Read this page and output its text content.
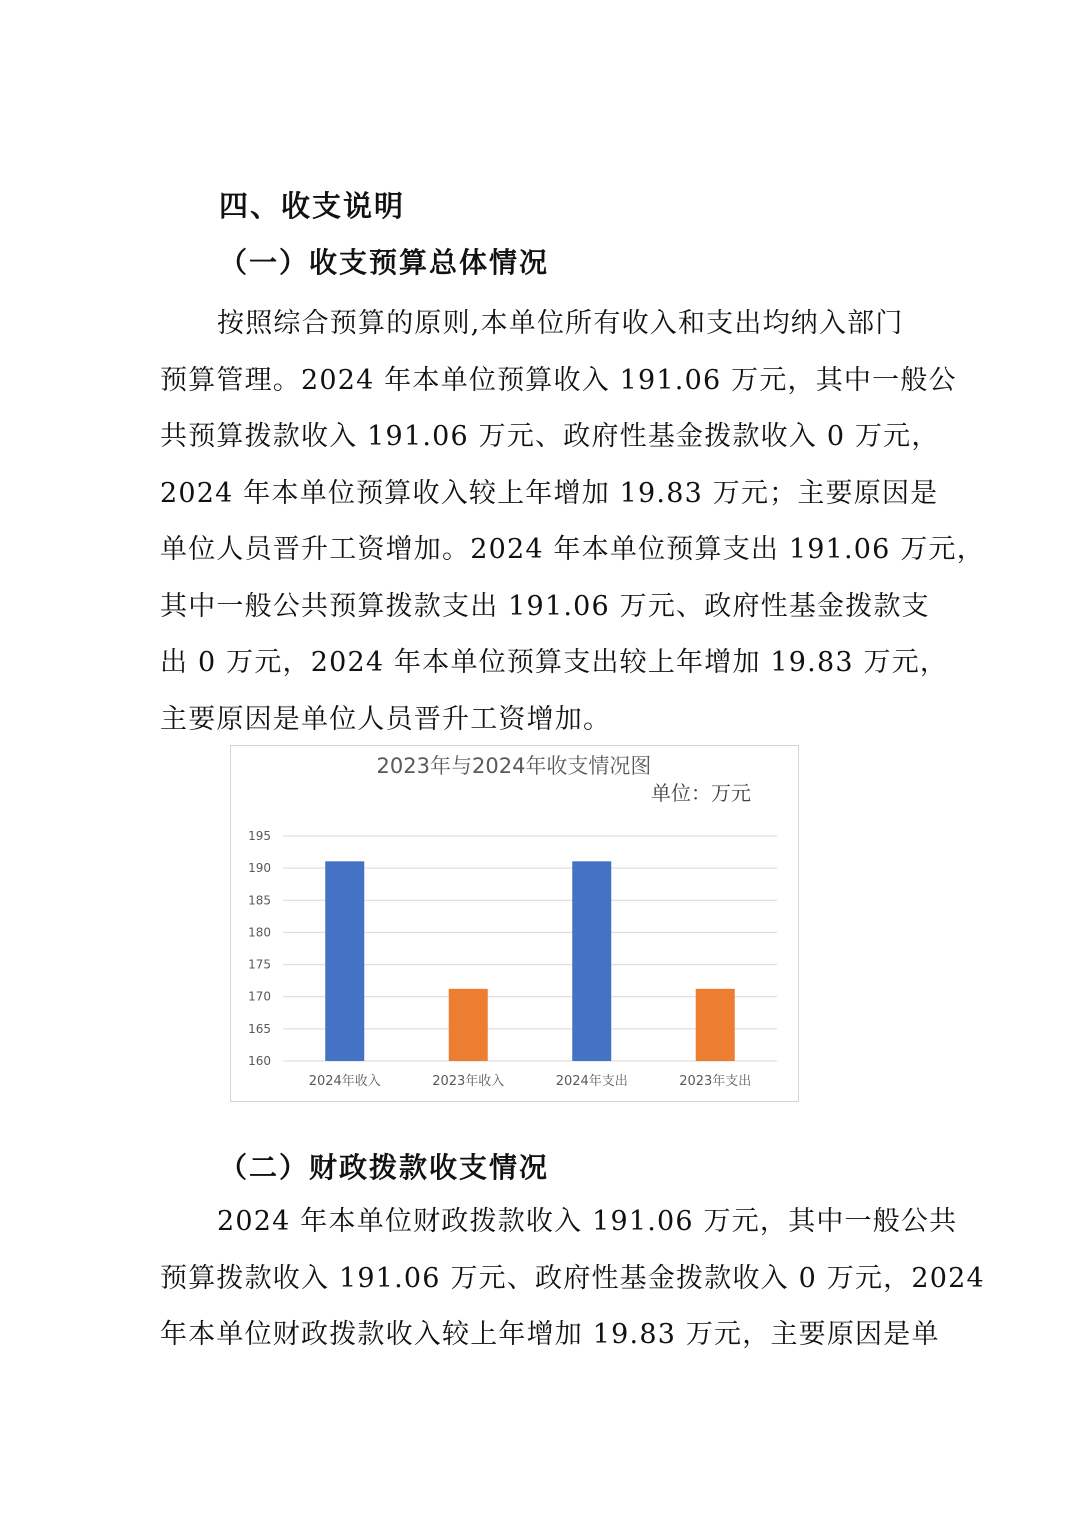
四、收支说明
（一）收支预算总体情况
按照综合预算的原则,本单位所有收入和支出均纳入部门
预算管理。2024 年本单位预算收入 191.06 万元，其中一般公
共预算拨款收入 191.06 万元、政府性基金拨款收入 0 万元，
2024 年本单位预算收入较上年增加 19.83 万元；主要原因是
单位人员晋升工资增加。2024 年本单位预算支出 191.06 万元，
其中一般公共预算拨款支出 191.06 万元、政府性基金拨款支
出 0 万元，2024 年本单位预算支出较上年增加 19.83 万元，
主要原因是单位人员晋升工资增加。
2023年与2024年收支情况图
单位：万元
160
165
170
175
180
185
190
195
2024年收入	2023年收入	2024年支出	2023年支出
（二）财政拨款收支情况
2024 年本单位财政拨款收入 191.06 万元，其中一般公共
预算拨款收入 191.06 万元、政府性基金拨款收入 0 万元，2024
年本单位财政拨款收入较上年增加 19.83 万元，主要原因是单
